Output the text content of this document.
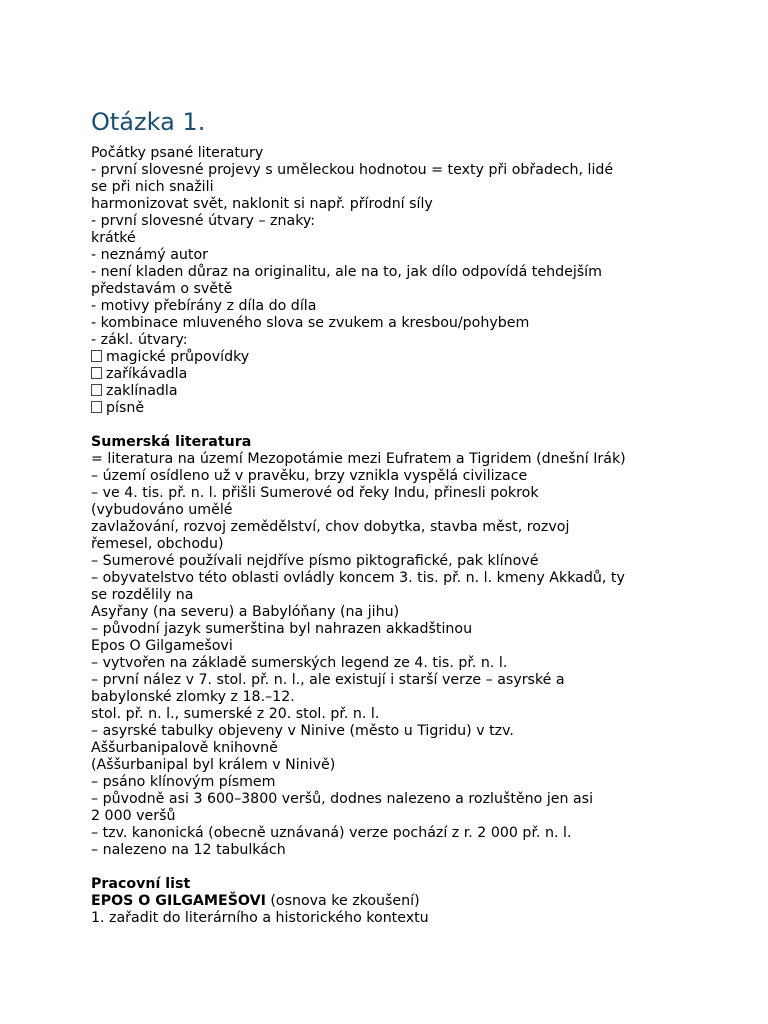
Otázka 1.
Počátky psané literatury
- první slovesné projevy s uměleckou hodnotou = texty při obřadech, lidé
se při nich snažili
harmonizovat svět, naklonit si např. přírodní síly
- první slovesné útvary – znaky:
krátké
- neznámý autor
- není kladen důraz na originalitu, ale na to, jak dílo odpovídá tehdejším
představám o světě
- motivy přebírány z díla do díla
- kombinace mluveného slova se zvukem a kresbou/pohybem
- zákl. útvary:
magické průpovídky
zaříkávadla
zaklínadla
písně
Sumerská literatura
= literatura na území Mezopotámie mezi Eufratem a Tigridem (dnešní Irák)
– území osídleno už v pravěku, brzy vznikla vyspělá civilizace
– ve 4. tis. př. n. l. přišli Sumerové od řeky Indu, přinesli pokrok
(vybudováno umělé
zavlažování, rozvoj zemědělství, chov dobytka, stavba měst, rozvoj
řemesel, obchodu)
– Sumerové používali nejdříve písmo piktografické, pak klínové
– obyvatelstvo této oblasti ovládly koncem 3. tis. př. n. l. kmeny Akkadů, ty
se rozdělily na
Asyřany (na severu) a Babylóňany (na jihu)
– původní jazyk sumerština byl nahrazen akkadštinou
Epos O Gilgamešovi
– vytvořen na základě sumerských legend ze 4. tis. př. n. l.
– první nález v 7. stol. př. n. l., ale existují i starší verze – asyrské a
babylonské zlomky z 18.–12.
stol. př. n. l., sumerské z 20. stol. př. n. l.
– asyrské tabulky objeveny v Ninive (město u Tigridu) v tzv.
Aššurbanipalově knihovně
(Aššurbanipal byl králem v Ninivě)
– psáno klínovým písmem
– původně asi 3 600–3800 veršů, dodnes nalezeno a rozluštěno jen asi
2 000 veršů
– tzv. kanonická (obecně uznávaná) verze pochází z r. 2 000 př. n. l.
– nalezeno na 12 tabulkách
Pracovní list
EPOS O GILGAMEŠOVI (osnova ke zkoušení)
1. zařadit do literárního a historického kontextu
